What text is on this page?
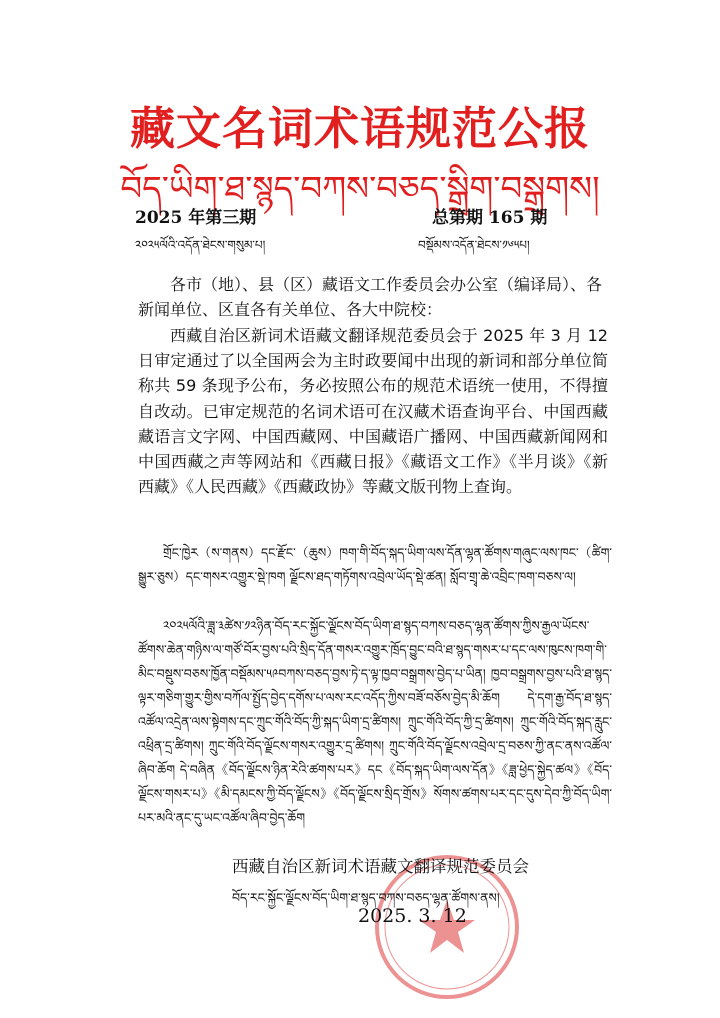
藏文名词术语规范公报
བོད་ཡིག་ཐ་སྙད་བཀས་བཅད་སྒྲིག་བསྒྲགས།
2025 年第三期	总第期 165 期
༢༠༢༥ལོའི་འདོན་ཐེངས་གསུམ་པ།	བསྡོམས་འདོན་ཐེངས་༡༦༥པ།
各市（地）、县（区）藏语文工作委员会办公室（编译局）、各新闻单位、区直各有关单位、各大中院校：
西藏自治区新词术语藏文翻译规范委员会于 2025 年 3 月 12 日审定通过了以全国两会为主时政要闻中出现的新词和部分单位简称共 59 条现予公布，务必按照公布的规范术语统一使用，不得擅自改动。已审定规范的名词术语可在汉藏术语查询平台、中国西藏藏语言文字网、中国西藏网、中国藏语广播网、中国西藏新闻网和中国西藏之声等网站和《西藏日报》《藏语文工作》《半月谈》《新西藏》《人民西藏》《西藏政协》等藏文版刊物上查询。
གྲོང་ཁྱེར（ས་གནས）དང་རྫོང་（ཆུས）ཁག་གི་བོད་སྐད་ཡིག་ལས་དོན་ལྷན་ཚོགས་གཞུང་ལས་ཁང་（ཚིག་སྒྱུར་ཅུས）དང་གསར་འགྱུར་སྡེ་ཁག ལྗོངས་ཐད་གཏོགས་འབྲེལ་ཡོད་སྡེ་ཚན། སློབ་གྲྭ་ཆེ་འབྲིང་ཁག་བཅས་ལ།
༢༠༢༥ལོའི་ཟླ་༣ཚེས་༡༢ཉིན་བོད་རང་སྐྱོང་ལྗོངས་བོད་ཡིག་ཐ་སྙད་བཀས་བཅད་ལྷན་ཚོགས་ཀྱིས་རྒྱལ་ཡོངས་ཚོགས་ཆེན་གཉིས་ལ་གཙོ་བོར་བྱས་པའི་སྲིད་དོན་གསར་འགྱུར་ཁྲོད་བྱུང་བའི་ཐ་སྙད་གསར་པ་དང་ལས་ཁུངས་ཁག་གི་མིང་བསྡུས་བཅས་ཁྱོན་བསྡོམས་༥༩བཀས་བཅད་བྱས་ཏེ་ད་ལྟ་ཁྱབ་བསྒྲགས་བྱེད་པ་ཡིན། ཁྱབ་བསྒྲགས་བྱས་པའི་ཐ་སྙད་ལྟར་གཅིག་གྱུར་གྱིས་བཀོལ་སྤྱོད་བྱེད་དགོས་པ་ལས་རང་འདོད་ཀྱིས་བཟོ་བཅོས་བྱེད་མི་ཆོག དེ་དག་རྒྱ་བོད་ཐ་སྙད་འཚོལ་འདྲེན་ལས་སྟེགས་དང་ཀྲུང་གོའི་བོད་ཀྱི་སྐད་ཡིག་དྲ་ཚིགས། ཀྲུང་གོའི་བོད་ཀྱི་དྲ་ཚིགས། ཀྲུང་གོའི་བོད་སྐད་རླུང་འཕྲིན་དྲ་ཚིགས། ཀྲུང་གོའི་བོད་ལྗོངས་གསར་འགྱུར་དྲ་ཚིགས། ཀྲུང་གོའི་བོད་ལྗོངས་འབྲེལ་དྲ་བཅས་ཀྱི་ནང་ནས་འཚོལ་ཞིབ་ཆོག དེ་བཞིན《བོད་ལྗོངས་ཉིན་རེའི་ཚགས་པར》དང《བོད་སྐད་ཡིག་ལས་དོན》《ཟླ་ཕྱེད་སྐྱེད་ཚལ》《བོད་ལྗོངས་གསར་པ》《མི་དམངས་ཀྱི་བོད་ལྗོངས》《བོད་ལྗོངས་སྲིད་གྲོས》སོགས་ཚགས་པར་དང་དུས་དེབ་ཀྱི་བོད་ཡིག་པར་མའི་ནང་དུ་ཡང་འཚོལ་ཞིབ་བྱེད་ཆོག
西藏自治区新词术语藏文翻译规范委员会
བོད་རང་སྐྱོང་ལྗོངས་བོད་ཡིག་ཐ་སྙད་བཀས་བཅད་ལྷན་ཚོགས་ནས།
2025. 3. 12
